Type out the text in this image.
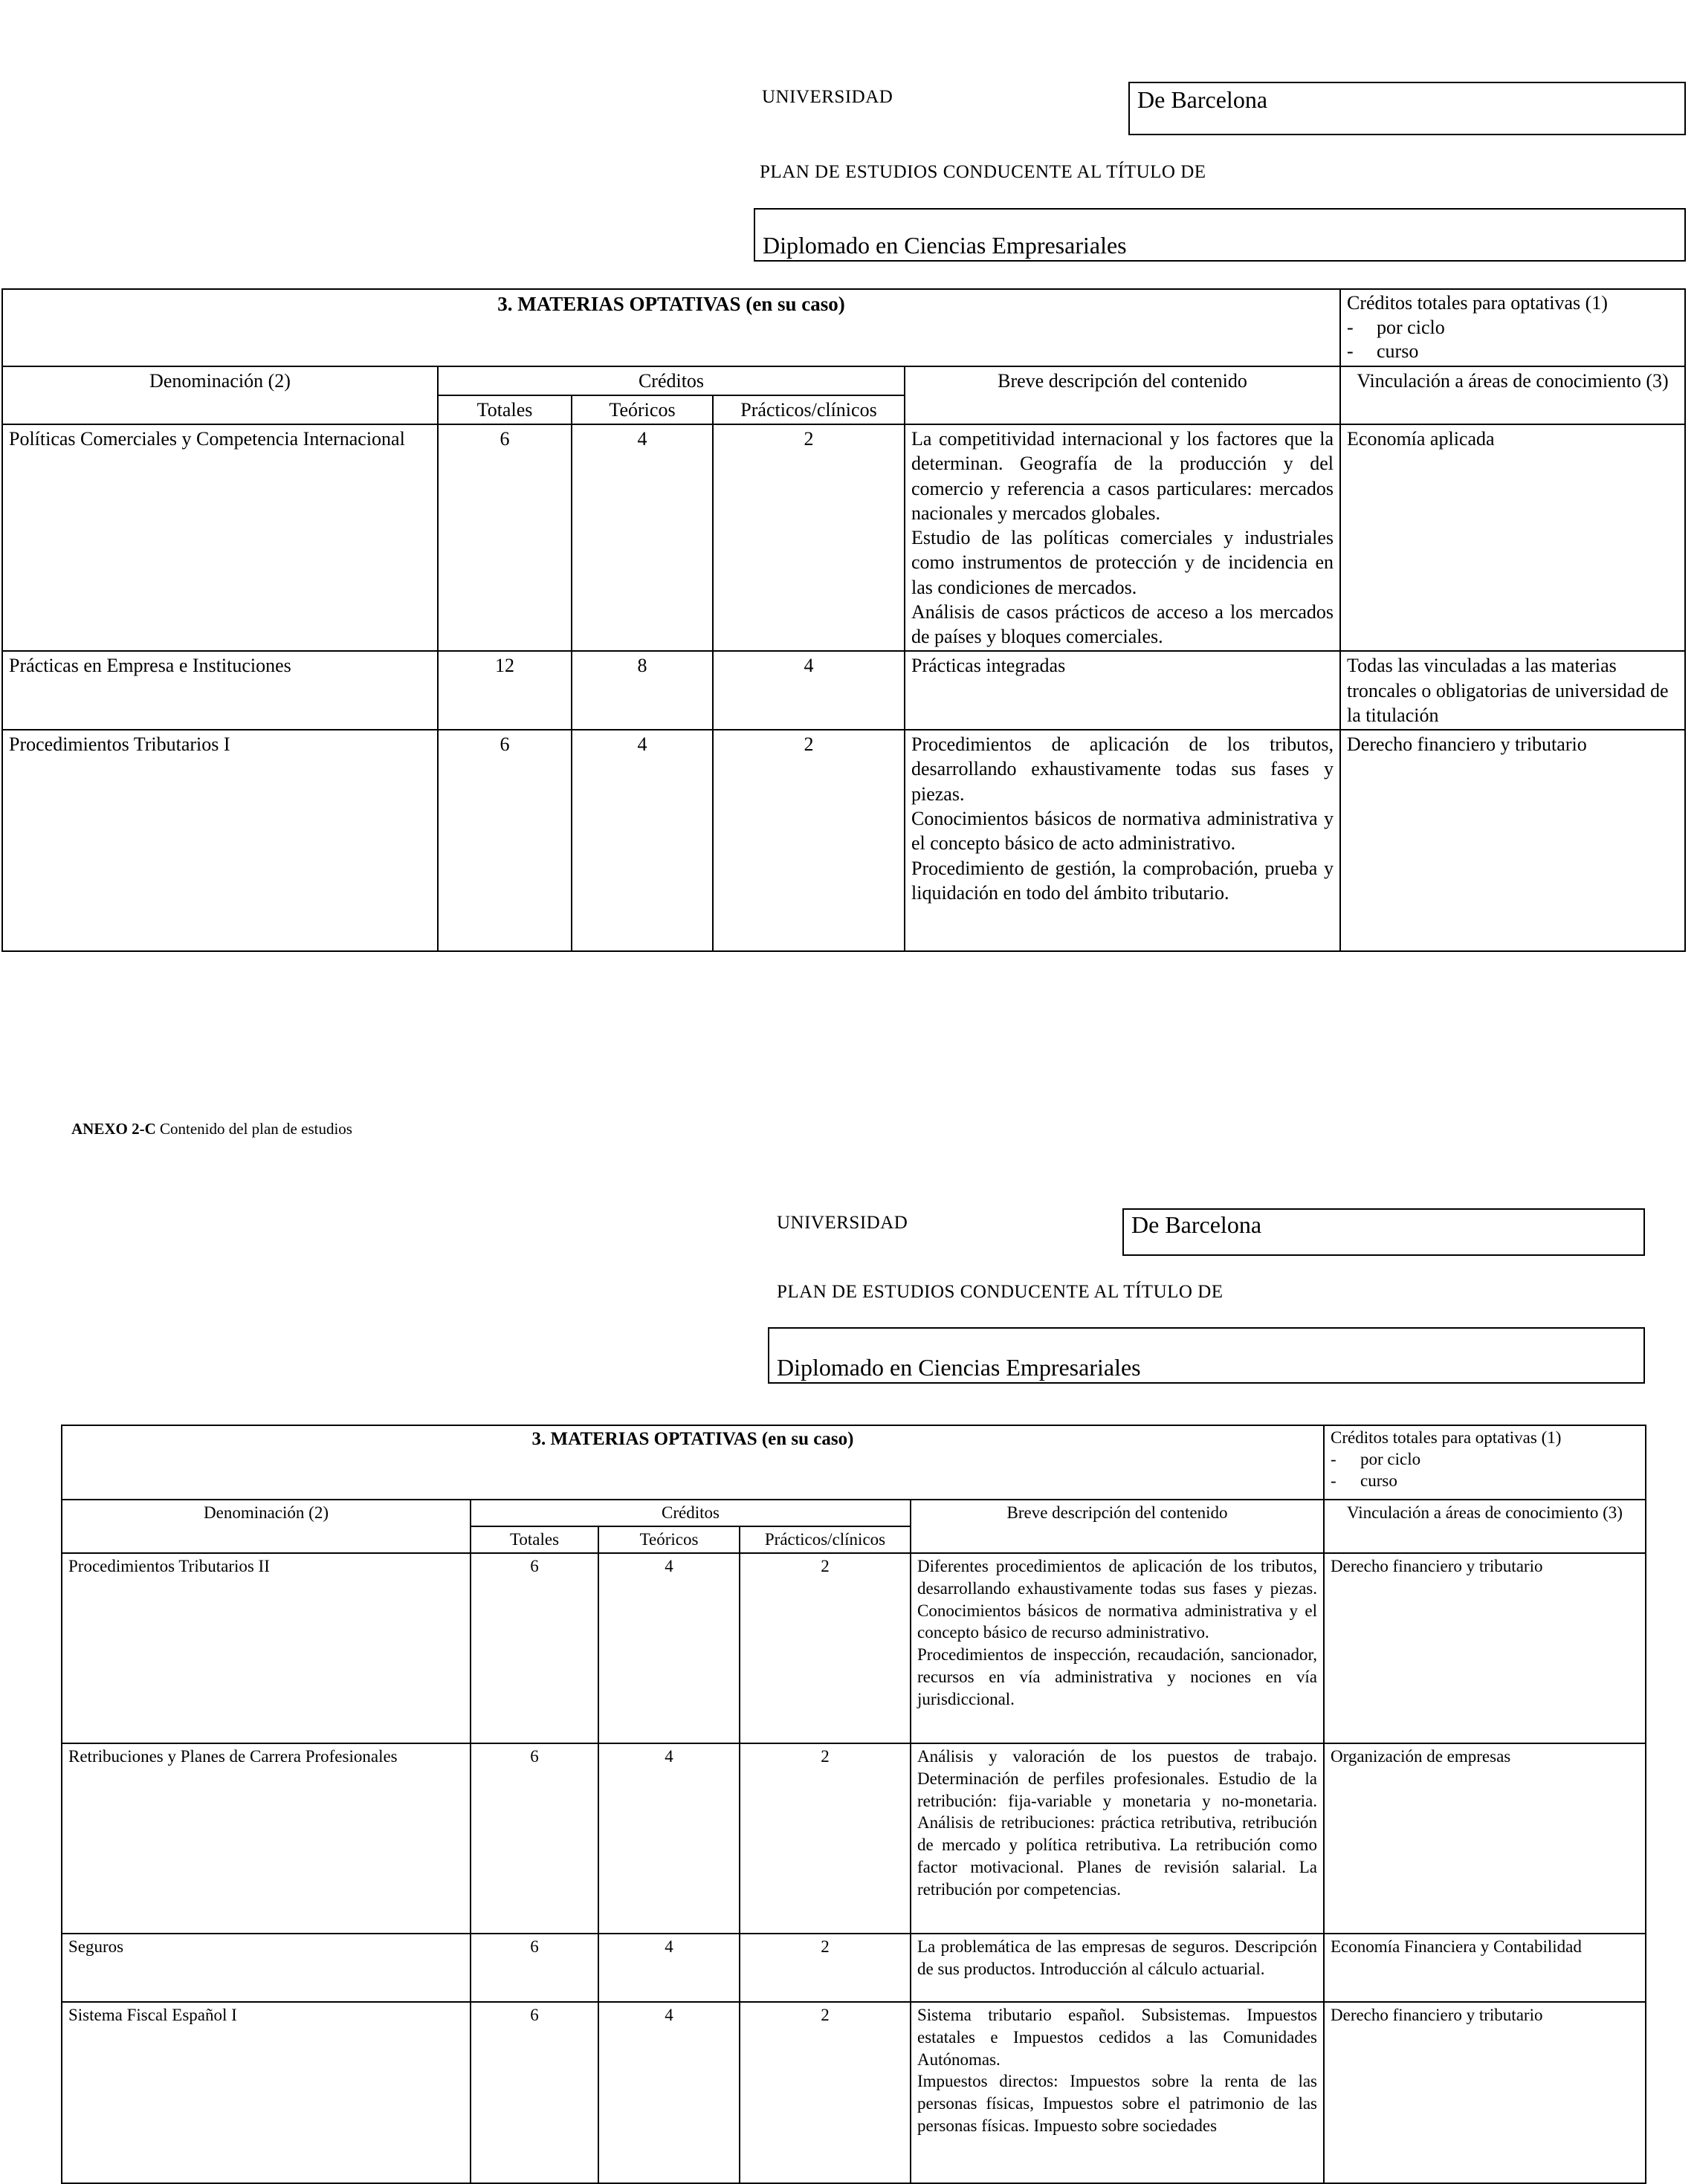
UNIVERSIDAD	De Barcelona
PLAN DE ESTUDIOS CONDUCENTE AL TÍTULO DE
Diplomado en Ciencias Empresariales
3. MATERIAS OPTATIVAS (en su caso)					Créditos totales para optativas (1)
- por ciclo
- curso

Denominación (2)	Créditos			Breve descripción del contenido	Vinculación a áreas de conocimiento (3)
	Totales	Teóricos	Prácticos/clínicos		
Políticas Comerciales y Competencia Internacional	6	4	2	La competitividad internacional y los factores que la determinan. Geografía de la producción y del comercio y referencia a casos particulares: mercados nacionales y mercados globales.
Estudio de las políticas comerciales y industriales como instrumentos de protección y de incidencia en las condiciones de mercados.
Análisis de casos prácticos de acceso a los mercados de países y bloques comerciales.	Economía aplicada
Prácticas en Empresa e Instituciones	12	8	4	Prácticas integradas	Todas las vinculadas a las materias troncales o obligatorias de universidad de la titulación
Procedimientos Tributarios I	6	4	2	Procedimientos de aplicación de los tributos, desarrollando exhaustivamente todas sus fases y piezas.
Conocimientos básicos de normativa administrativa y el concepto básico de acto administrativo.
Procedimiento de gestión, la comprobación, prueba y liquidación en todo del ámbito tributario.	Derecho financiero y tributario
ANEXO 2-C Contenido del plan de estudios
UNIVERSIDAD	De Barcelona
PLAN DE ESTUDIOS CONDUCENTE AL TÍTULO DE
Diplomado en Ciencias Empresariales
3. MATERIAS OPTATIVAS (en su caso)					Créditos totales para optativas (1)
- por ciclo
- curso

Denominación (2)	Créditos			Breve descripción del contenido	Vinculación a áreas de conocimiento (3)
	Totales	Teóricos	Prácticos/clínicos		
Procedimientos Tributarios II	6	4	2	Diferentes procedimientos de aplicación de los tributos, desarrollando exhaustivamente todas sus fases y piezas. Conocimientos básicos de normativa administrativa y el concepto básico de recurso administrativo.
Procedimientos de inspección, recaudación, sancionador, recursos en vía administrativa y nociones en vía jurisdiccional.	Derecho financiero y tributario
Retribuciones y Planes de Carrera Profesionales	6	4	2	Análisis y valoración de los puestos de trabajo. Determinación de perfiles profesionales. Estudio de la retribución: fija-variable y monetaria y no-monetaria. Análisis de retribuciones: práctica retributiva, retribución de mercado y política retributiva. La retribución como factor motivacional. Planes de revisión salarial. La retribución por competencias.	Organización de empresas
Seguros	6	4	2	La problemática de las empresas de seguros. Descripción de sus productos. Introducción al cálculo actuarial.	Economía Financiera y Contabilidad
Sistema Fiscal Español I	6	4	2	Sistema tributario español. Subsistemas. Impuestos estatales e Impuestos cedidos a las Comunidades Autónomas.
Impuestos directos: Impuestos sobre la renta de las personas físicas, Impuestos sobre el patrimonio de las personas físicas. Impuesto sobre sociedades	Derecho financiero y tributario
